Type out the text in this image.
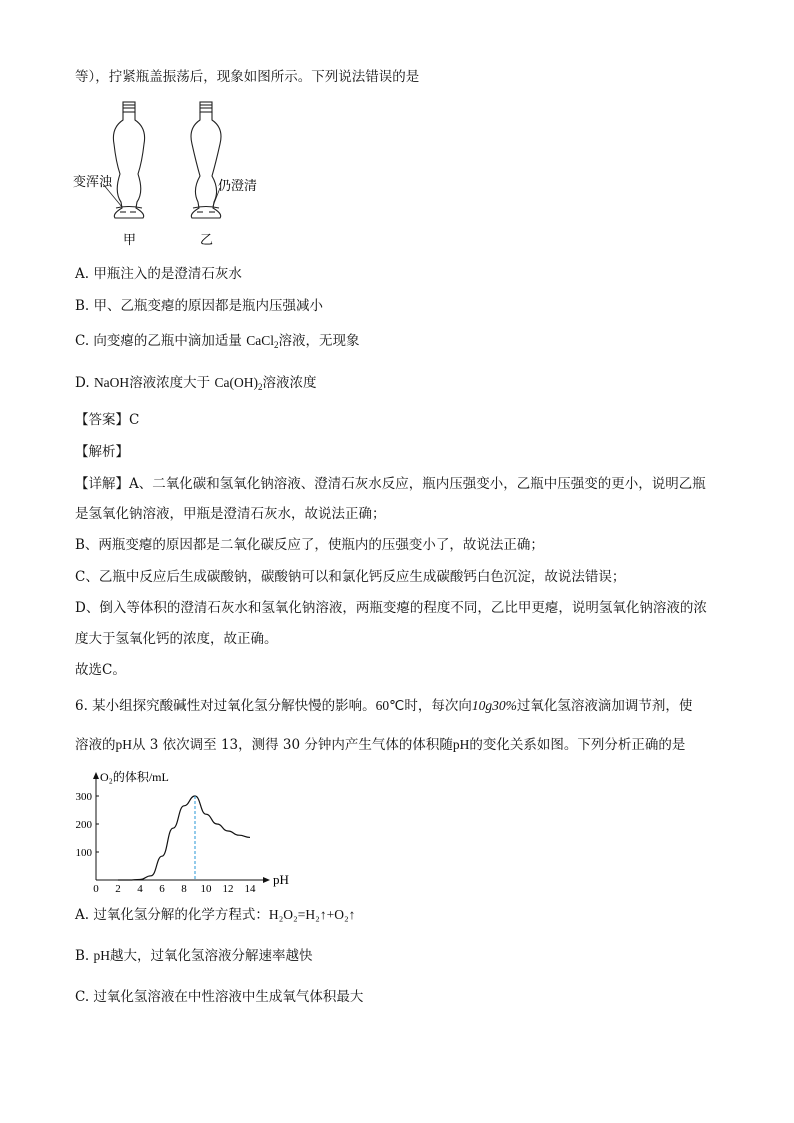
等），拧紧瓶盖振荡后，现象如图所示。下列说法错误的是
变浑浊	仍澄清
甲	乙
A. 甲瓶注入的是澄清石灰水
B. 甲、乙瓶变瘪的原因都是瓶内压强减小
C. 向变瘪的乙瓶中滴加适量 CaCl$_2$溶液，无现象
D. NaOH溶液浓度大于 $Ca(OH)_2$溶液浓度
【答案】C
【解析】
【详解】A、二氧化碳和氢氧化钠溶液、澄清石灰水反应，瓶内压强变小，乙瓶中压强变的更小，说明乙瓶
是氢氧化钠溶液，甲瓶是澄清石灰水，故说法正确；
B、两瓶变瘪的原因都是二氧化碳反应了，使瓶内的压强变小了，故说法正确；
C、乙瓶中反应后生成碳酸钠，碳酸钠可以和氯化钙反应生成碳酸钙白色沉淀，故说法错误；
D、倒入等体积的澄清石灰水和氢氧化钠溶液，两瓶变瘪的程度不同，乙比甲更瘪，说明氢氧化钠溶液的浓
度大于氢氧化钙的浓度，故正确。
故选C。
6. 某小组探究酸碱性对过氧化氢分解快慢的影响。60℃时，每次向10g30%过氧化氢溶液滴加调节剂，使
溶液的pH从 3 依次调至 13，测得 30 分钟内产生气体的体积随pH的变化关系如图。下列分析正确的是
O₂的体积/mL
pH
0 2 4 6 8 10 12 14
100
200
300
A. 过氧化氢分解的化学方程式：H₂O₂=H₂↑+O₂↑
B. pH越大，过氧化氢溶液分解速率越快
C. 过氧化氢溶液在中性溶液中生成氧气体积最大
